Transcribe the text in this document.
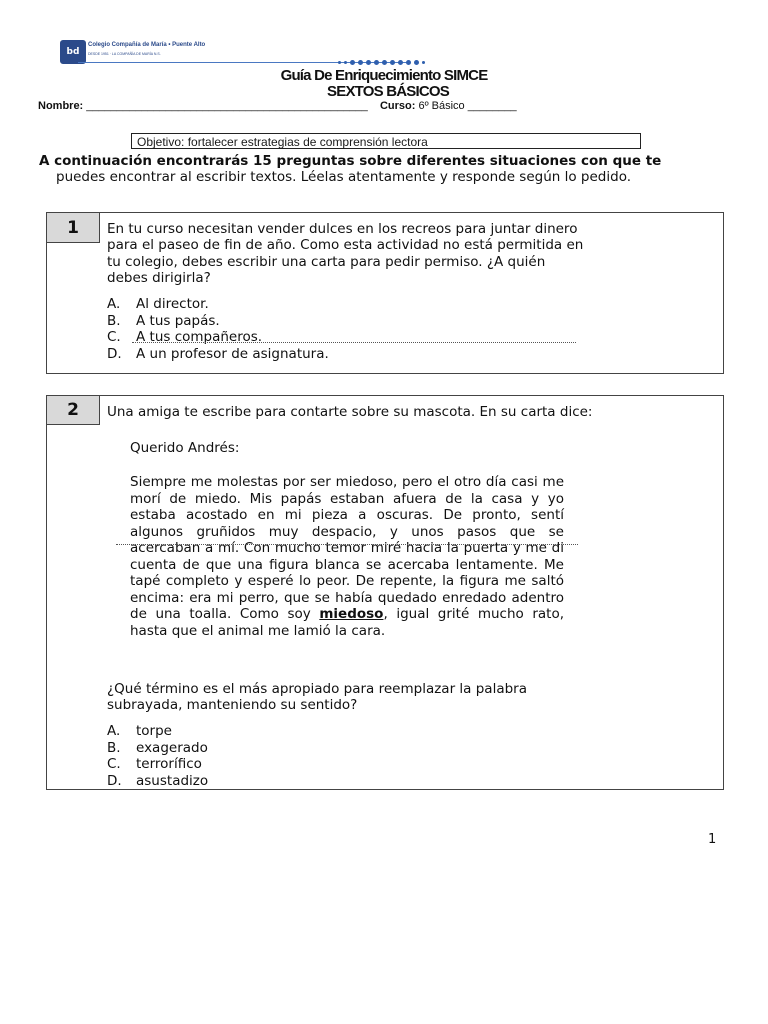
bd
Colegio Compañía de María • Puente Alto
DESDE 1951 · LA COMPAÑÍA DE MARÍA N.S.
Guía De Enriquecimiento SIMCE
SEXTOS BÁSICOS
Nombre: ______________________________________________ Curso: 6º Básico ________
Objetivo: fortalecer estrategias de comprensión lectora
A continuación encontrarás 15 preguntas sobre diferentes situaciones con que te
puedes encontrar al escribir textos. Léelas atentamente y responde según lo pedido.
1	En tu curso necesitan vender dulces en los recreos para juntar dinero
para el paseo de fin de año. Como esta actividad no está permitida en
tu colegio, debes escribir una carta para pedir permiso. ¿A quién
debes dirigirla?
A. Al director.
B. A tus papás.
C. A tus compañeros.
D. A un profesor de asignatura.
2	Una amiga te escribe para contarte sobre su mascota. En su carta dice:
Querido Andrés:
Siempre me molestas por ser miedoso, pero el otro día casi me morí de miedo. Mis papás estaban afuera de la casa y yo estaba acostado en mi pieza a oscuras. De pronto, sentí algunos gruñidos muy despacio, y unos pasos que se acercaban a mí. Con mucho temor miré hacia la puerta y me di cuenta de que una figura blanca se acercaba lentamente. Me tapé completo y esperé lo peor. De repente, la figura me saltó encima: era mi perro, que se había quedado enredado adentro de una toalla. Como soy miedoso, igual grité mucho rato, hasta que el animal me lamió la cara.
¿Qué término es el más apropiado para reemplazar la palabra
subrayada, manteniendo su sentido?
A. torpe
B. exagerado
C. terrorífico
D. asustadizo
1
